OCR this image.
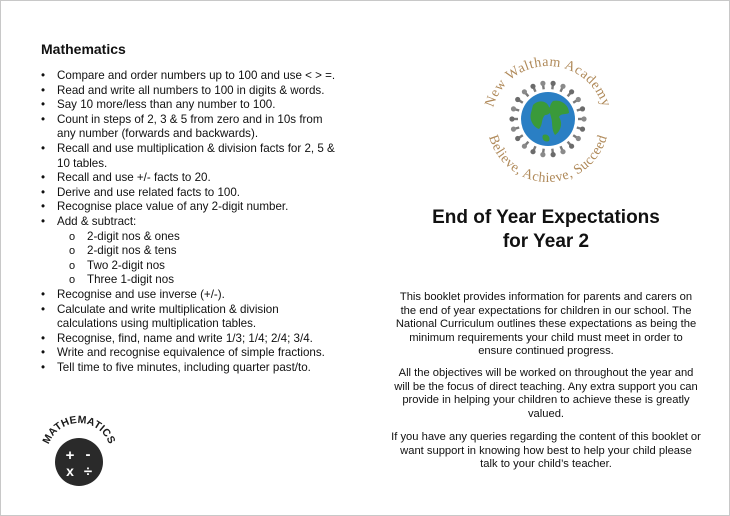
Mathematics
• Compare and order numbers up to 100 and use < > =.
• Read and write all numbers to 100 in digits & words.
• Say 10 more/less than any number to 100.
• Count in steps of 2, 3 & 5 from zero and in 10s from any number (forwards and backwards).
• Recall and use multiplication & division facts for 2, 5 & 10 tables.
• Recall and use +/- facts to 20.
• Derive and use related facts to 100.
• Recognise place value of any 2-digit number.
• Add & subtract:
o 2-digit nos & ones
o 2-digit nos & tens
o Two 2-digit nos
o Three 1-digit nos
• Recognise and use inverse (+/-).
• Calculate and write multiplication & division calculations using multiplication tables.
• Recognise, find, name and write 1/3; 1/4; 2/4; 3/4.
• Write and recognise equivalence of simple fractions.
• Tell time to five minutes, including quarter past/to.
MATHEMATICS
+ -
x ÷
New Waltham Academy
Believe, Achieve, Succeed
End of Year Expectations
for Year 2
This booklet provides information for parents and carers on the end of year expectations for children in our school. The National Curriculum outlines these expectations as being the minimum requirements your child must meet in order to ensure continued progress.
All the objectives will be worked on throughout the year and will be the focus of direct teaching. Any extra support you can provide in helping your children to achieve these is greatly valued.
If you have any queries regarding the content of this booklet or want support in knowing how best to help your child please talk to your child’s teacher.
